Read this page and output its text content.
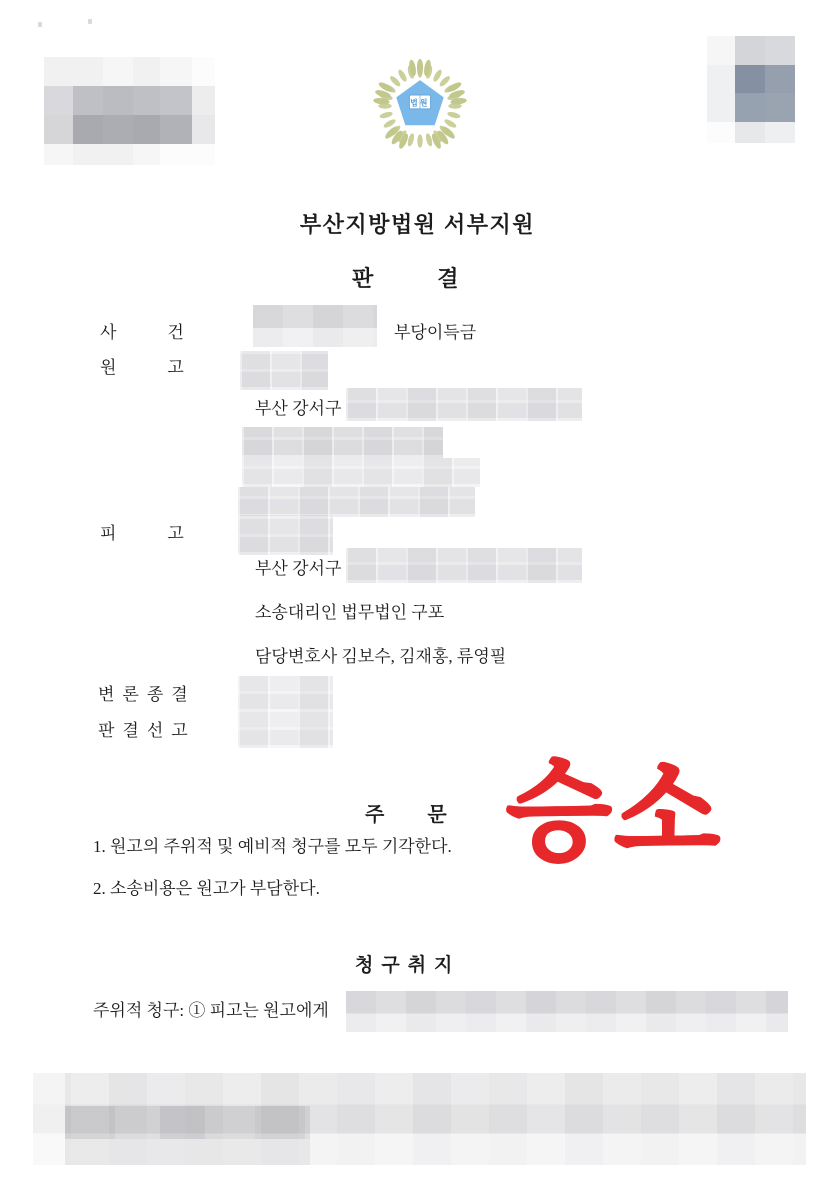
법원
부산지방법원 서부지원
판결
사건	부당이득금
원고
부산 강서구
피고
부산 강서구
소송대리인 법무법인 구포
담당변호사 김보수, 김재홍, 류영필
변론종결
판결선고
주문 승소
1. 원고의 주위적 및 예비적 청구를 모두 기각한다.
2. 소송비용은 원고가 부담한다.
청구취지
주위적 청구: ① 피고는 원고에게
